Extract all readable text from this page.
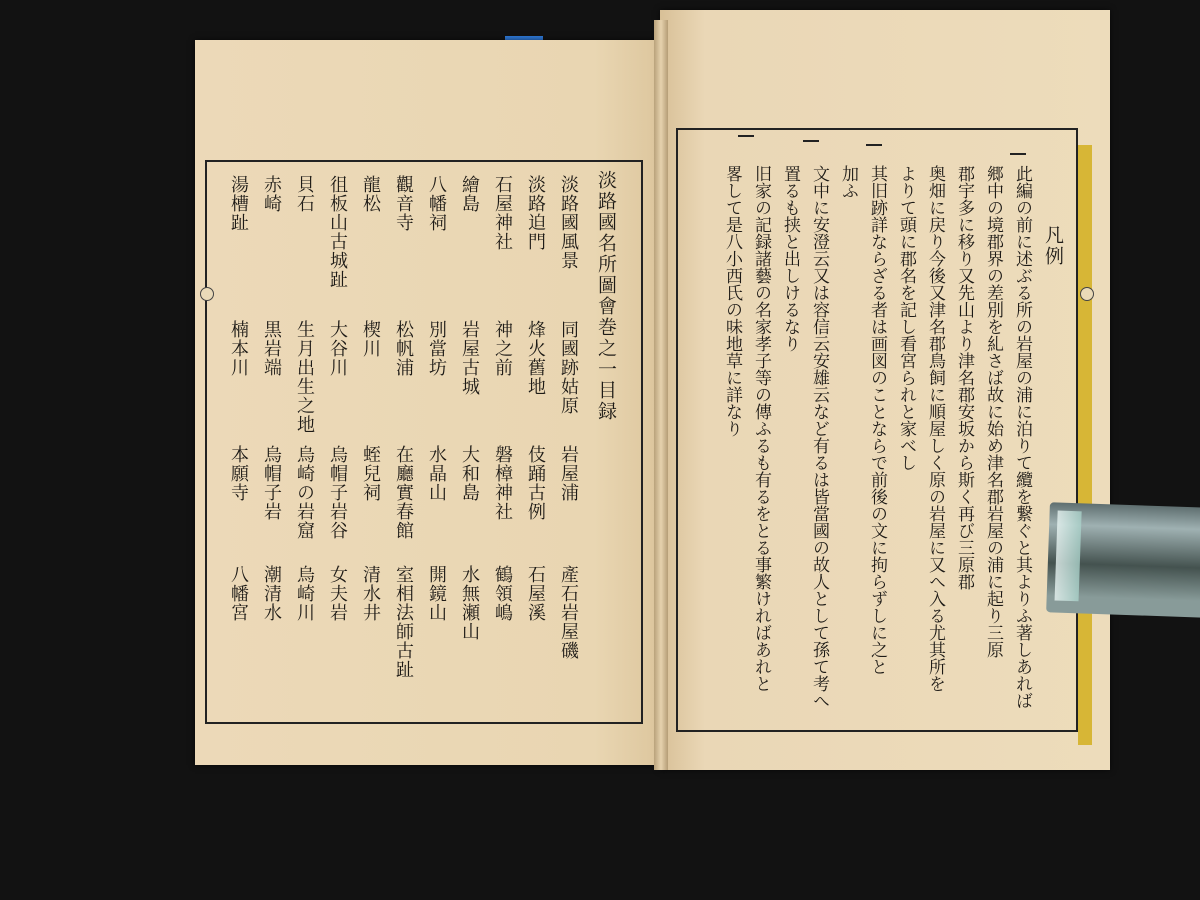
淡路國名所圖會巻之一目録
淡路國風景
同國跡姑原
岩屋浦
產石岩屋磯
淡路迫門
烽火舊地
伎踊古例
石屋溪
石屋神社
神之前
磐樟神社
鶴領嶋
繪島
岩屋古城
大和島
水無瀬山
八幡祠
別當坊
水晶山
開鏡山
觀音寺
松帆浦
在廳實春館
室相法師古趾
龍松
楔川
蛭兒祠
清水井
徂板山古城趾
大谷川
烏帽子岩谷
女夫岩
貝石
生月出生之地
烏崎の岩窟
烏崎川
赤崎
黒岩端
烏帽子岩
潮清水
湯槽趾
楠本川
本願寺
八幡宮
凡例
此編の前に述ぶる所の岩屋の浦に泊りて纜を繋ぐと其よりふ著しあれば
郷中の境郡界の差別を糺さば故に始め津名郡岩屋の浦に起り三原
郡宇多に移り又先山より津名郡安坂から斯く再び三原郡
奥畑に戻り今後又津名郡鳥飼に順屋しく原の岩屋に又へ入る尤其所を
よりて頭に郡名を記し看宮られと家べし
其旧跡詳ならざる者は画図のことならで前後の文に拘らずしに之と
加ふ
文中に安澄云又は容信云安雄云など有るは皆當國の故人として孫て考へ
置るも挟と出しけるなり
旧家の記録諸藝の名家孝子等の傳ふるも有るをとる事繁ければあれと
畧して是八小西氏の味地草に詳なり
